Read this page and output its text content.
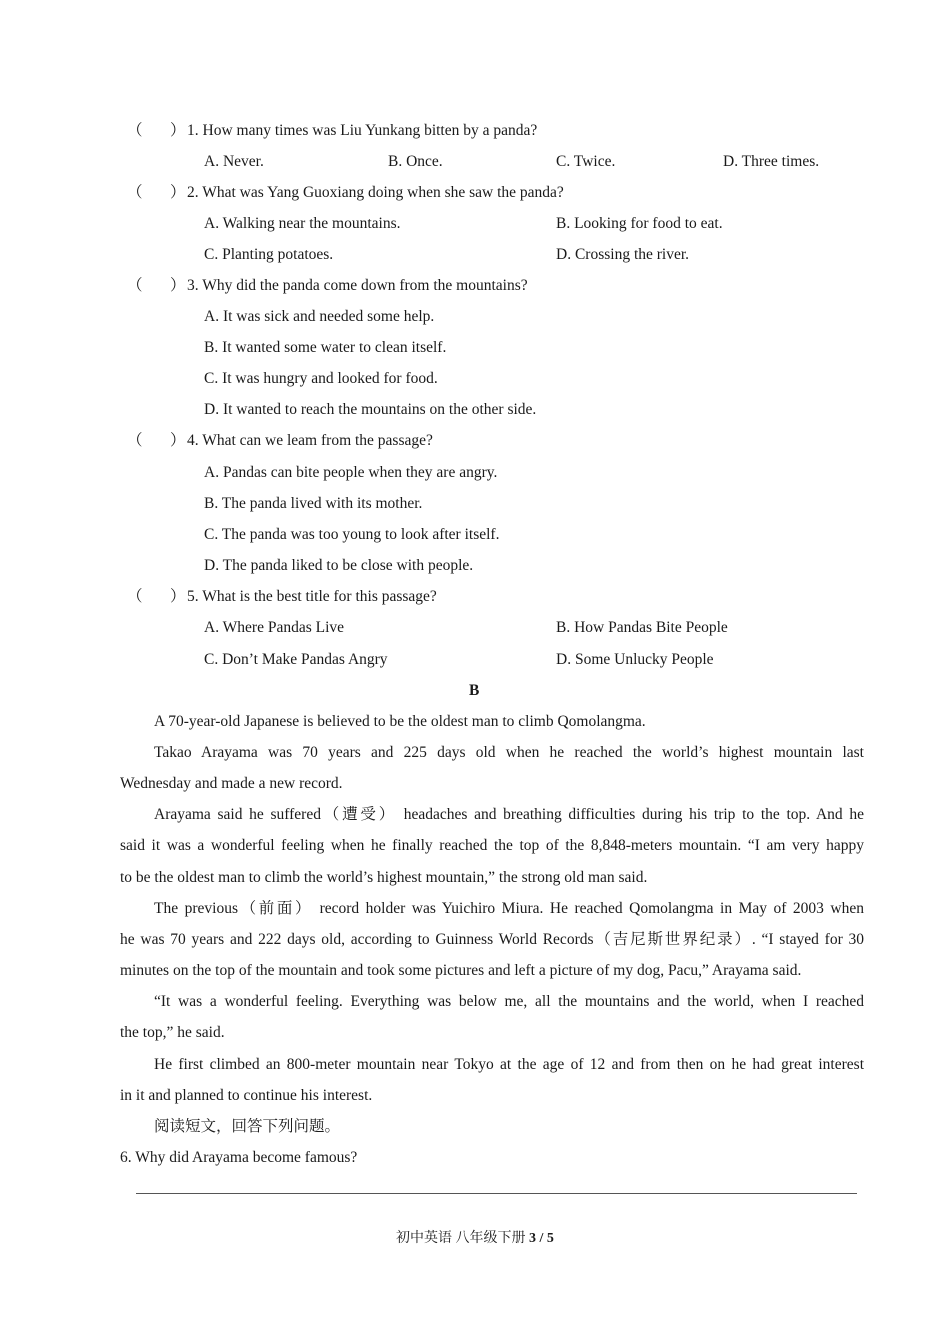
（ ） 1. How many times was Liu Yunkang bitten by a panda?
A. Never.	B. Once.	C. Twice.	D. Three times.
（ ） 2. What was Yang Guoxiang doing when she saw the panda?
A. Walking near the mountains.	B. Looking for food to eat.
C. Planting potatoes.	D. Crossing the river.
（ ） 3. Why did the panda come down from the mountains?
A. It was sick and needed some help.
B. It wanted some water to clean itself.
C. It was hungry and looked for food.
D. It wanted to reach the mountains on the other side.
（ ） 4. What can we leam from the passage?
A. Pandas can bite people when they are angry.
B. The panda lived with its mother.
C. The panda was too young to look after itself.
D. The panda liked to be close with people.
（ ） 5. What is the best title for this passage?
A. Where Pandas Live	B. How Pandas Bite People
C. Don’t Make Pandas Angry	D. Some Unlucky People
B
A 70-year-old Japanese is believed to be the oldest man to climb Qomolangma.
Takao Arayama was 70 years and 225 days old when he reached the world’s highest mountain last
Wednesday and made a new record.
Arayama said he suffered（遭受） headaches and breathing difficulties during his trip to the top. And he
said it was a wonderful feeling when he finally reached the top of the 8,848-meters mountain. “I am very happy
to be the oldest man to climb the world’s highest mountain,” the strong old man said.
The previous（前面） record holder was Yuichiro Miura. He reached Qomolangma in May of 2003 when
he was 70 years and 222 days old, according to Guinness World Records（吉尼斯世界纪录）. “I stayed for 30
minutes on the top of the mountain and took some pictures and left a picture of my dog, Pacu,” Arayama said.
“It was a wonderful feeling. Everything was below me, all the mountains and the world, when I reached
the top,” he said.
He first climbed an 800-meter mountain near Tokyo at the age of 12 and from then on he had great interest
in it and planned to continue his interest.
阅读短文，回答下列问题。
6. Why did Arayama become famous?
初中英语 八年级下册 3 / 5
